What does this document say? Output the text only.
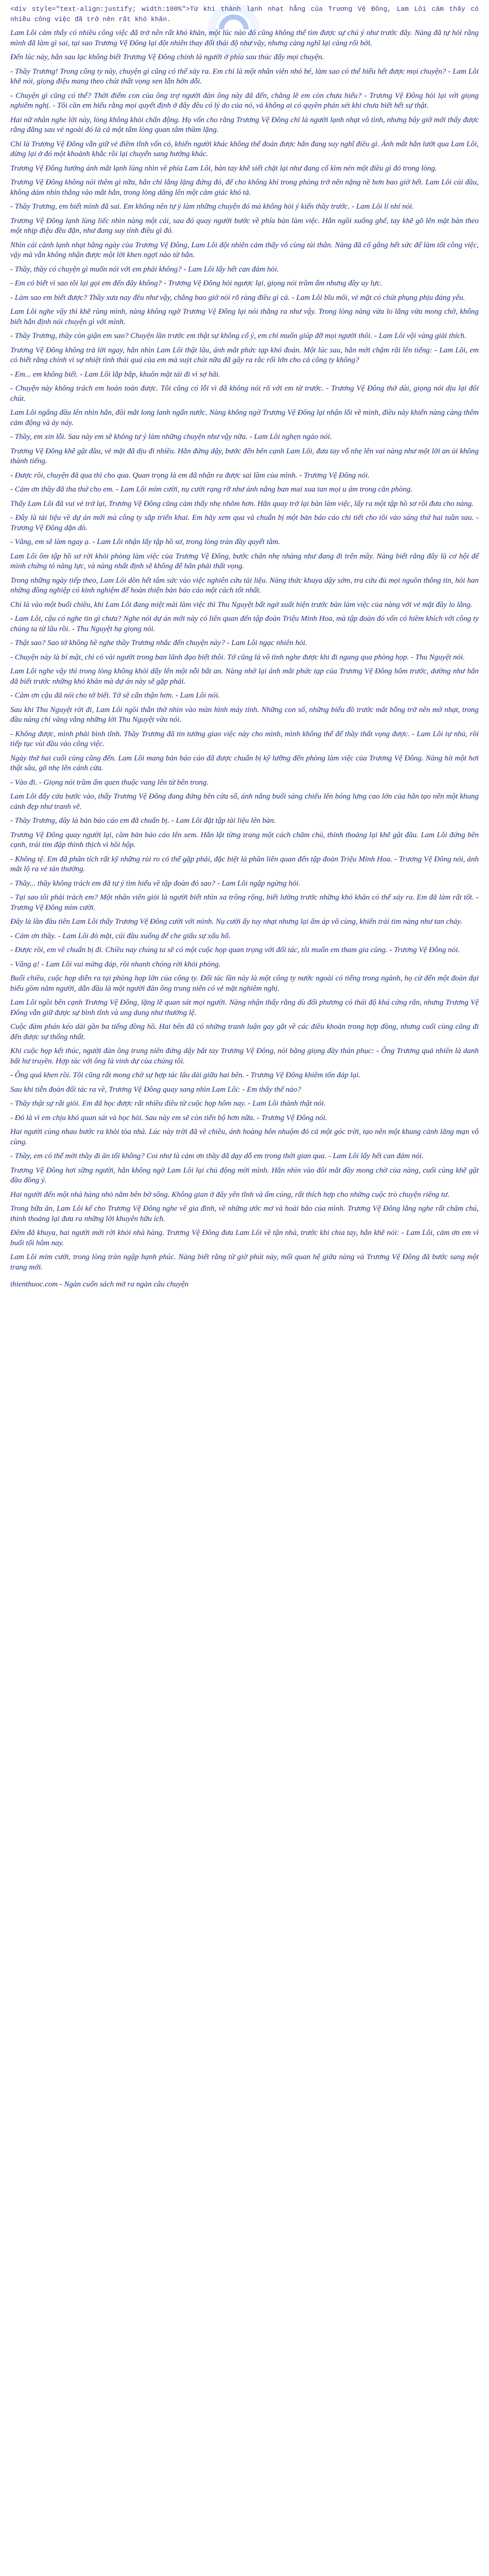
<div style="text-align:justify; width:100%">Từ khi thành lạnh nhạt hẳng của Trương Vệ Đông, Lam Lôi cảm thấy có nhiều công việc đã trở nên rất khó khăn.

Lam Lôi cảm thấy có nhiều công việc đã trở nên rất khó khăn, một lúc nào đó cũng không thể tìm được sự chú ý như trước đây. Nàng đã tự hỏi rằng mình đã làm gì sai, tại sao Trương Vệ Đông lại đột nhiên thay đổi thái độ như vậy, nhưng càng nghĩ lại càng rối bời.

Đến lúc này, hẳn sau lạc không biết Trương Vệ Đông chính là người ở phía sau thúc đẩy mọi chuyện.

- Thầy Trương! Trong công ty này, chuyện gì cũng có thể xảy ra. Em chỉ là một nhân viên nhỏ bé, làm sao có thể hiểu hết được mọi chuyện? - Lam Lôi khẽ nói, giọng điệu mang theo chút thất vọng xen lẫn hờn dỗi.

- Chuyện gì cũng có thể? Thời điểm con của ông trợ người đàn ông này đã đến, chẳng lẽ em còn chưa hiểu? - Trương Vệ Đông hỏi lại với giọng nghiêm nghị. - Tôi cần em hiểu rằng mọi quyết định ở đây đều có lý do của nó, và không ai có quyền phán xét khi chưa biết hết sự thật.

Hai nữ nhân nghe lời này, lòng không khỏi chấn động. Họ vốn cho rằng Trương Vệ Đông chỉ là người lạnh nhạt vô tình, nhưng bây giờ mới thấy được rằng đằng sau vẻ ngoài đó là cả một tấm lòng quan tâm thầm lặng.

Chỉ là Trương Vệ Đông vẫn giữ vẻ điềm tĩnh vốn có, khiến người khác không thể đoán được hắn đang suy nghĩ điều gì. Ánh mắt hắn lướt qua Lam Lôi, dừng lại ở đó một khoảnh khắc rồi lại chuyển sang hướng khác.

Trương Vệ Đông hướng ánh mắt lạnh lùng nhìn về phía Lam Lôi, bàn tay khẽ siết chặt lại như đang cố kìm nén một điều gì đó trong lòng.

Trương Vệ Đông không nói thêm gì nữa, hắn chỉ lẳng lặng đứng đó, để cho không khí trong phòng trở nên nặng nề hơn bao giờ hết. Lam Lôi cúi đầu, không dám nhìn thẳng vào mắt hắn, trong lòng dâng lên một cảm giác khó tả.

- Thầy Trương, em biết mình đã sai. Em không nên tự ý làm những chuyện đó mà không hỏi ý kiến thầy trước. - Lam Lôi lí nhí nói.

Trương Vệ Đông lạnh lùng liếc nhìn nàng một cái, sau đó quay người bước về phía bàn làm việc. Hắn ngồi xuống ghế, tay khẽ gõ lên mặt bàn theo một nhịp điệu đều đặn, như đang suy tính điều gì đó.

Nhìn cái cảnh lạnh nhạt hằng ngày của Trương Vệ Đông, Lam Lôi đột nhiên cảm thấy vô cùng tủi thân. Nàng đã cố gắng hết sức để làm tốt công việc, vậy mà vẫn không nhận được một lời khen ngợi nào từ hắn.

- Thầy, thầy có chuyện gì muốn nói với em phải không? - Lam Lôi lấy hết can đảm hỏi.

- Em có biết vì sao tôi lại gọi em đến đây không? - Trương Vệ Đông hỏi ngược lại, giọng nói trầm ấm nhưng đầy uy lực.

- Làm sao em biết được? Thầy xưa nay đều như vậy, chẳng bao giờ nói rõ ràng điều gì cả. - Lam Lôi bĩu môi, vẻ mặt có chút phụng phịu đáng yêu.

Lam Lôi nghe vậy thì khẽ rùng mình, nàng không ngờ Trương Vệ Đông lại nói thẳng ra như vậy. Trong lòng nàng vừa lo lắng vừa mong chờ, không biết hắn định nói chuyện gì với mình.

- Thầy Trương, thầy còn giận em sao? Chuyện lần trước em thật sự không cố ý, em chỉ muốn giúp đỡ mọi người thôi. - Lam Lôi vội vàng giải thích.

Trương Vệ Đông không trả lời ngay, hắn nhìn Lam Lôi thật lâu, ánh mắt phức tạp khó đoán. Một lúc sau, hắn mới chậm rãi lên tiếng: - Lam Lôi, em có biết rằng chính vì sự nhiệt tình thái quá của em mà suýt chút nữa đã gây ra rắc rối lớn cho cả công ty không?

- Em... em không biết. - Lam Lôi lắp bắp, khuôn mặt tái đi vì sợ hãi.

- Chuyện này không trách em hoàn toàn được. Tôi cũng có lỗi vì đã không nói rõ với em từ trước. - Trương Vệ Đông thở dài, giọng nói dịu lại đôi chút.

Lam Lôi ngẩng đầu lên nhìn hắn, đôi mắt long lanh ngấn nước. Nàng không ngờ Trương Vệ Đông lại nhận lỗi về mình, điều này khiến nàng càng thêm cảm động và áy náy.

- Thầy, em xin lỗi. Sau này em sẽ không tự ý làm những chuyện như vậy nữa. - Lam Lôi nghẹn ngào nói.

Trương Vệ Đông khẽ gật đầu, vẻ mặt đã dịu đi nhiều. Hắn đứng dậy, bước đến bên cạnh Lam Lôi, đưa tay vỗ nhẹ lên vai nàng như một lời an ủi không thành tiếng.

- Được rồi, chuyện đã qua thì cho qua. Quan trọng là em đã nhận ra được sai lầm của mình. - Trương Vệ Đông nói.

- Cảm ơn thầy đã tha thứ cho em. - Lam Lôi mỉm cười, nụ cười rạng rỡ như ánh nắng ban mai xua tan mọi u ám trong căn phòng.

Thấy Lam Lôi đã vui vẻ trở lại, Trương Vệ Đông cũng cảm thấy nhẹ nhõm hơn. Hắn quay trở lại bàn làm việc, lấy ra một tập hồ sơ rồi đưa cho nàng.

- Đây là tài liệu về dự án mới mà công ty sắp triển khai. Em hãy xem qua và chuẩn bị một bản báo cáo chi tiết cho tôi vào sáng thứ hai tuần sau. - Trương Vệ Đông dặn dò.

- Vâng, em sẽ làm ngay ạ. - Lam Lôi nhận lấy tập hồ sơ, trong lòng tràn đầy quyết tâm.

Lam Lôi ôm tập hồ sơ rời khỏi phòng làm việc của Trương Vệ Đông, bước chân nhẹ nhàng như đang đi trên mây. Nàng biết rằng đây là cơ hội để mình chứng tỏ năng lực, và nàng nhất định sẽ không để hắn phải thất vọng.

Trong những ngày tiếp theo, Lam Lôi dồn hết tâm sức vào việc nghiên cứu tài liệu. Nàng thức khuya dậy sớm, tra cứu đủ mọi nguồn thông tin, hỏi han những đồng nghiệp có kinh nghiệm để hoàn thiện bản báo cáo một cách tốt nhất.

Chỉ là vào một buổi chiều, khi Lam Lôi đang miệt mài làm việc thì Thu Nguyệt bất ngờ xuất hiện trước bàn làm việc của nàng với vẻ mặt đầy lo lắng.

- Lam Lôi, cậu có nghe tin gì chưa? Nghe nói dự án mới này có liên quan đến tập đoàn Triệu Minh Hoa, mà tập đoàn đó vốn có hiềm khích với công ty chúng ta từ lâu rồi. - Thu Nguyệt hạ giọng nói.

- Thật sao? Sao tớ không hề nghe thầy Trương nhắc đến chuyện này? - Lam Lôi ngạc nhiên hỏi.

- Chuyện này là bí mật, chỉ có vài người trong ban lãnh đạo biết thôi. Tớ cũng là vô tình nghe được khi đi ngang qua phòng họp. - Thu Nguyệt nói.

Lam Lôi nghe vậy thì trong lòng không khỏi dấy lên một nỗi bất an. Nàng nhớ lại ánh mắt phức tạp của Trương Vệ Đông hôm trước, dường như hắn đã biết trước những khó khăn mà dự án này sẽ gặp phải.

- Cảm ơn cậu đã nói cho tớ biết. Tớ sẽ cẩn thận hơn. - Lam Lôi nói.

Sau khi Thu Nguyệt rời đi, Lam Lôi ngồi thẫn thờ nhìn vào màn hình máy tính. Những con số, những biểu đồ trước mắt bỗng trở nên mờ nhạt, trong đầu nàng chỉ văng vẳng những lời Thu Nguyệt vừa nói.

- Không được, mình phải bình tĩnh. Thầy Trương đã tin tưởng giao việc này cho mình, mình không thể để thầy thất vọng được. - Lam Lôi tự nhủ, rồi tiếp tục vùi đầu vào công việc.

Ngày thứ hai cuối cùng cũng đến. Lam Lôi mang bản báo cáo đã được chuẩn bị kỹ lưỡng đến phòng làm việc của Trương Vệ Đông. Nàng hít một hơi thật sâu, gõ nhẹ lên cánh cửa.

- Vào đi. - Giọng nói trầm ấm quen thuộc vang lên từ bên trong.

Lam Lôi đẩy cửa bước vào, thấy Trương Vệ Đông đang đứng bên cửa sổ, ánh nắng buổi sáng chiếu lên bóng lưng cao lớn của hắn tạo nên một khung cảnh đẹp như tranh vẽ.

- Thầy Trương, đây là bản báo cáo em đã chuẩn bị. - Lam Lôi đặt tập tài liệu lên bàn.

Trương Vệ Đông quay người lại, cầm bản báo cáo lên xem. Hắn lật từng trang một cách chăm chú, thỉnh thoảng lại khẽ gật đầu. Lam Lôi đứng bên cạnh, trái tim đập thình thịch vì hồi hộp.

- Không tệ. Em đã phân tích rất kỹ những rủi ro có thể gặp phải, đặc biệt là phần liên quan đến tập đoàn Triệu Minh Hoa. - Trương Vệ Đông nói, ánh mắt lộ ra vẻ tán thưởng.

- Thầy... thầy không trách em đã tự ý tìm hiểu về tập đoàn đó sao? - Lam Lôi ngập ngừng hỏi.

- Tại sao tôi phải trách em? Một nhân viên giỏi là người biết nhìn xa trông rộng, biết lường trước những khó khăn có thể xảy ra. Em đã làm rất tốt. - Trương Vệ Đông mỉm cười.

Đây là lần đầu tiên Lam Lôi thấy Trương Vệ Đông cười với mình. Nụ cười ấy tuy nhạt nhưng lại ấm áp vô cùng, khiến trái tim nàng như tan chảy.

- Cảm ơn thầy. - Lam Lôi đỏ mặt, cúi đầu xuống để che giấu sự xấu hổ.

- Được rồi, em về chuẩn bị đi. Chiều nay chúng ta sẽ có một cuộc họp quan trọng với đối tác, tôi muốn em tham gia cùng. - Trương Vệ Đông nói.

- Vâng ạ! - Lam Lôi vui mừng đáp, rồi nhanh chóng rời khỏi phòng.

Buổi chiều, cuộc họp diễn ra tại phòng họp lớn của công ty. Đối tác lần này là một công ty nước ngoài có tiếng trong ngành, họ cử đến một đoàn đại biểu gồm năm người, dẫn đầu là một người đàn ông trung niên có vẻ mặt nghiêm nghị.

Lam Lôi ngồi bên cạnh Trương Vệ Đông, lặng lẽ quan sát mọi người. Nàng nhận thấy rằng dù đối phương có thái độ khá cứng rắn, nhưng Trương Vệ Đông vẫn giữ được sự bình tĩnh và ung dung như thường lệ.

Cuộc đàm phán kéo dài gần ba tiếng đồng hồ. Hai bên đã có những tranh luận gay gắt về các điều khoản trong hợp đồng, nhưng cuối cùng cũng đi đến được sự thống nhất.

Khi cuộc họp kết thúc, người đàn ông trung niên đứng dậy bắt tay Trương Vệ Đông, nói bằng giọng đầy thán phục: - Ông Trương quả nhiên là danh bất hư truyền. Hợp tác với ông là vinh dự của chúng tôi.

- Ông quá khen rồi. Tôi cũng rất mong chờ sự hợp tác lâu dài giữa hai bên. - Trương Vệ Đông khiêm tốn đáp lại.

Sau khi tiễn đoàn đối tác ra về, Trương Vệ Đông quay sang nhìn Lam Lôi: - Em thấy thế nào?

- Thầy thật sự rất giỏi. Em đã học được rất nhiều điều từ cuộc họp hôm nay. - Lam Lôi thành thật nói.

- Đó là vì em chịu khó quan sát và học hỏi. Sau này em sẽ còn tiến bộ hơn nữa. - Trương Vệ Đông nói.

Hai người cùng nhau bước ra khỏi tòa nhà. Lúc này trời đã về chiều, ánh hoàng hôn nhuộm đỏ cả một góc trời, tạo nên một khung cảnh lãng mạn vô cùng.

- Thầy, em có thể mời thầy đi ăn tối không? Coi như là cảm ơn thầy đã dạy dỗ em trong thời gian qua. - Lam Lôi lấy hết can đảm nói.

Trương Vệ Đông hơi sững người, hắn không ngờ Lam Lôi lại chủ động mời mình. Hắn nhìn vào đôi mắt đầy mong chờ của nàng, cuối cùng khẽ gật đầu đồng ý.

Hai người đến một nhà hàng nhỏ nằm bên bờ sông. Không gian ở đây yên tĩnh và ấm cúng, rất thích hợp cho những cuộc trò chuyện riêng tư.

Trong bữa ăn, Lam Lôi kể cho Trương Vệ Đông nghe về gia đình, về những ước mơ và hoài bão của mình. Trương Vệ Đông lắng nghe rất chăm chú, thỉnh thoảng lại đưa ra những lời khuyên hữu ích.

Đêm đã khuya, hai người mới rời khỏi nhà hàng. Trương Vệ Đông đưa Lam Lôi về tận nhà, trước khi chia tay, hắn khẽ nói: - Lam Lôi, cảm ơn em vì buổi tối hôm nay.

Lam Lôi mỉm cười, trong lòng tràn ngập hạnh phúc. Nàng biết rằng từ giờ phút này, mối quan hệ giữa nàng và Trương Vệ Đông đã bước sang một trang mới.

thienthuoc.com - Ngàn cuốn sách mở ra ngàn câu chuyện
